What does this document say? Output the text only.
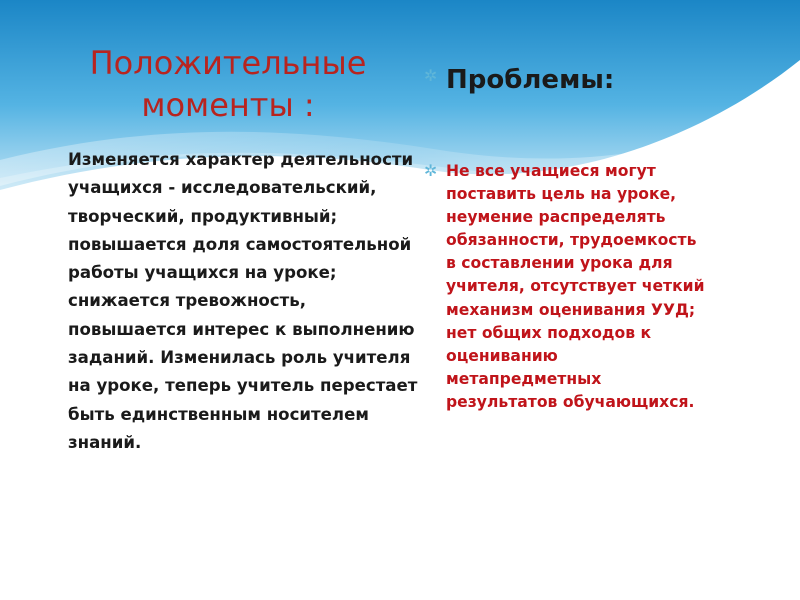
Положительные
моменты :
Изменяется характер деятельности учащихся - исследовательский, творческий, продуктивный; повышается доля самостоятельной работы учащихся на уроке; снижается тревожность, повышается интерес к выполнению заданий. Изменилась роль учителя на уроке, теперь учитель перестает быть единственным носителем знаний.
✲ Проблемы:
✲ Не все учащиеся могут
поставить цель на уроке,
неумение распределять
обязанности, трудоемкость
в составлении урока для
учителя, отсутствует четкий
механизм оценивания УУД;
нет общих подходов к
оцениванию
метапредметных
результатов обучающихся.
